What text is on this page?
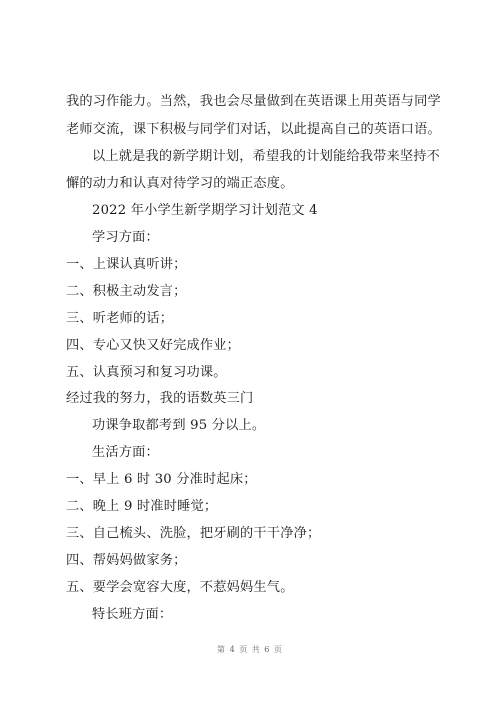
我的习作能力。当然，我也会尽量做到在英语课上用英语与同学
老师交流，课下积极与同学们对话，以此提高自己的英语口语。
以上就是我的新学期计划，希望我的计划能给我带来坚持不
懈的动力和认真对待学习的端正态度。
2022 年小学生新学期学习计划范文 4
学习方面：
一、上课认真听讲；
二、积极主动发言；
三、听老师的话；
四、专心又快又好完成作业；
五、认真预习和复习功课。
经过我的努力，我的语数英三门
功课争取都考到 95 分以上。
生活方面：
一、早上 6 时 30 分准时起床；
二、晚上 9 时准时睡觉；
三、自己梳头、洗脸，把牙刷的干干净净；
四、帮妈妈做家务；
五、要学会宽容大度，不惹妈妈生气。
特长班方面：
第 4 页 共 6 页
